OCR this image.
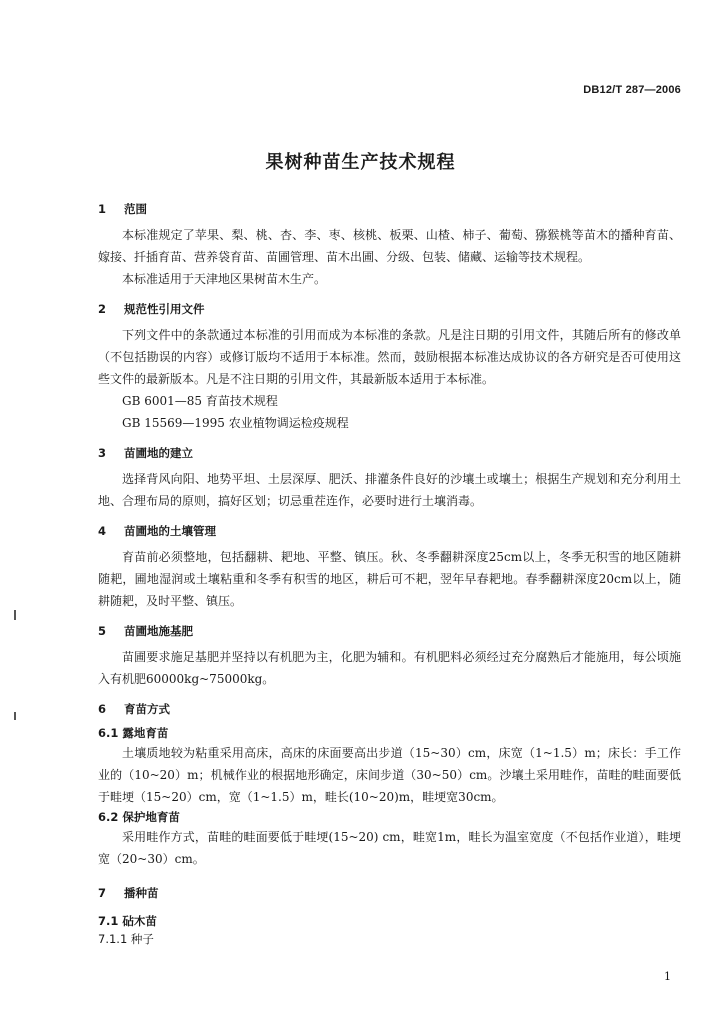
DB12/T 287—2006
果树种苗生产技术规程
1	范围

本标准规定了苹果、梨、桃、杏、李、枣、核桃、板栗、山楂、柿子、葡萄、猕猴桃等苗木的播种育苗、嫁接、扦插育苗、营养袋育苗、苗圃管理、苗木出圃、分级、包装、储藏、运输等技术规程。

本标准适用于天津地区果树苗木生产。

2	规范性引用文件

下列文件中的条款通过本标准的引用而成为本标准的条款。凡是注日期的引用文件，其随后所有的修改单（不包括勘误的内容）或修订版均不适用于本标准。然而，鼓励根据本标准达成协议的各方研究是否可使用这些文件的最新版本。凡是不注日期的引用文件，其最新版本适用于本标准。

GB 6001—85 育苗技术规程
GB 15569—1995 农业植物调运检疫规程
3	苗圃地的建立

选择背风向阳、地势平坦、土层深厚、肥沃、排灌条件良好的沙壤土或壤土；根据生产规划和充分利用土地、合理布局的原则，搞好区划；切忌重茬连作，必要时进行土壤消毒。

4	苗圃地的土壤管理

育苗前必须整地，包括翻耕、耙地、平整、镇压。秋、冬季翻耕深度25cm以上，冬季无积雪的地区随耕随耙，圃地湿润或土壤粘重和冬季有积雪的地区，耕后可不耙，翌年早春耙地。春季翻耕深度20cm以上，随耕随耙，及时平整、镇压。

5	苗圃地施基肥

苗圃要求施足基肥并坚持以有机肥为主，化肥为辅和。有机肥料必须经过充分腐熟后才能施用，每公顷施入有机肥60000kg~75000kg。

6	育苗方式
6.1 露地育苗

土壤质地较为粘重采用高床，高床的床面要高出步道（15~30）cm，床宽（1~1.5）m；床长：手工作业的（10~20）m；机械作业的根据地形确定，床间步道（30~50）cm。沙壤土采用畦作，苗畦的畦面要低于畦埂（15~20）cm，宽（1~1.5）m，畦长(10~20)m，畦埂宽30cm。

6.2 保护地育苗

采用畦作方式，苗畦的畦面要低于畦埂(15~20) cm，畦宽1m，畦长为温室宽度（不包括作业道），畦埂宽（20~30）cm。

7	播种苗
7.1 砧木苗
7.1.1 种子
1
